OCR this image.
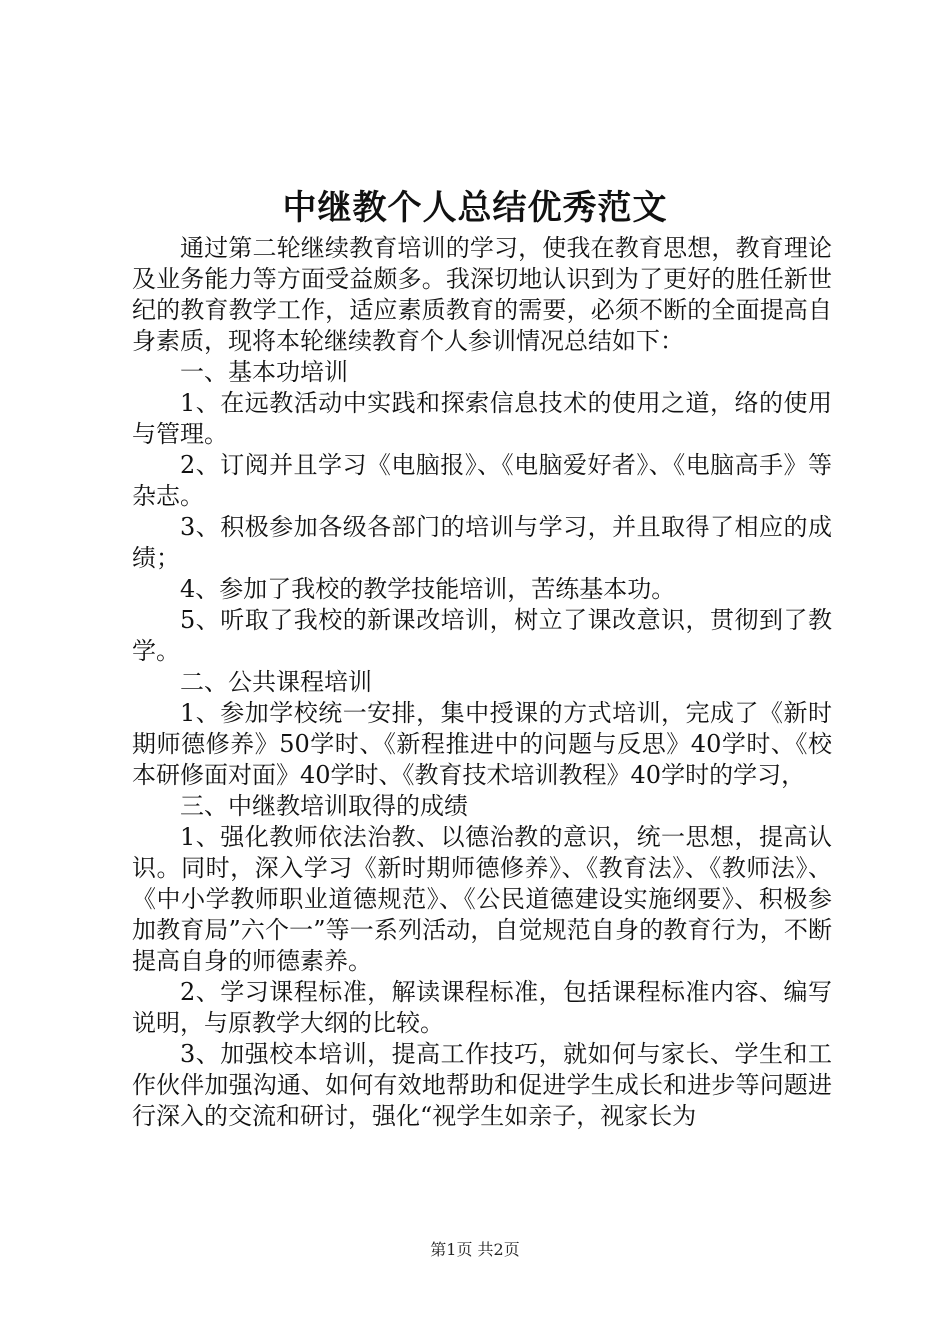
中继教个人总结优秀范文

通过第二轮继续教育培训的学习，使我在教育思想，教育理论及业务能力等方面受益颇多。我深切地认识到为了更好的胜任新世纪的教育教学工作，适应素质教育的需要，必须不断的全面提高自身素质，现将本轮继续教育个人参训情况总结如下：

一、基本功培训

1、在远教活动中实践和探索信息技术的使用之道，络的使用与管理。

2、订阅并且学习《电脑报》、《电脑爱好者》、《电脑高手》等杂志。

3、积极参加各级各部门的培训与学习，并且取得了相应的成绩；

4、参加了我校的教学技能培训，苦练基本功。

5、听取了我校的新课改培训，树立了课改意识，贯彻到了教学。

二、公共课程培训

1、参加学校统一安排，集中授课的方式培训，完成了《新时期师德修养》50学时、《新程推进中的问题与反思》40学时、《校本研修面对面》40学时、《教育技术培训教程》40学时的学习，

三、中继教培训取得的成绩

1、强化教师依法治教、以德治教的意识，统一思想，提高认识。同时，深入学习《新时期师德修养》、《教育法》、《教师法》、《中小学教师职业道德规范》、《公民道德建设实施纲要》、积极参加教育局”六个一”等一系列活动，自觉规范自身的教育行为，不断提高自身的师德素养。

2、学习课程标准，解读课程标准，包括课程标准内容、编写说明，与原教学大纲的比较。

3、加强校本培训，提高工作技巧，就如何与家长、学生和工作伙伴加强沟通、如何有效地帮助和促进学生成长和进步等问题进行深入的交流和研讨，强化“视学生如亲子，视家长为

第1页 共2页
